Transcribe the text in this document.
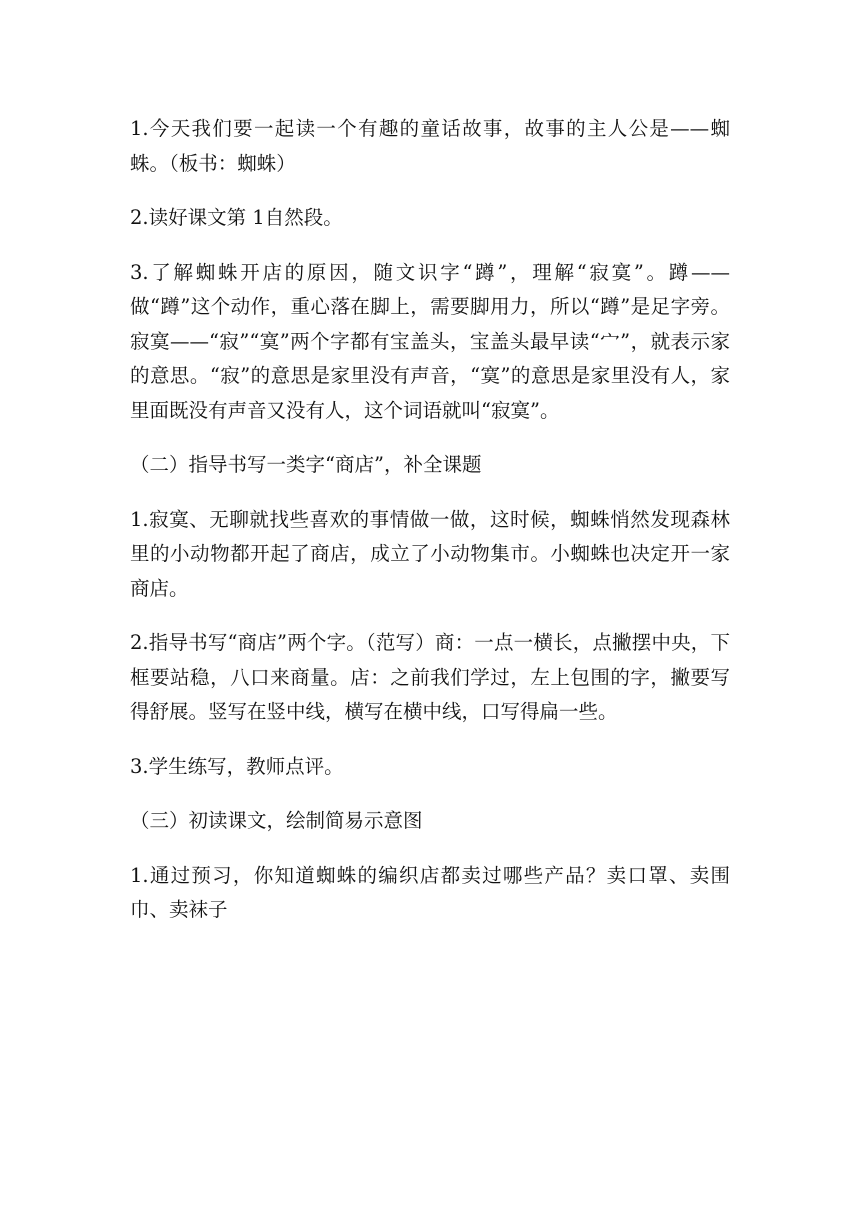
1.今天我们要一起读一个有趣的童话故事，故事的主人公是——蜘蛛。（板书：蜘蛛）

2.读好课文第 1自然段。

3.了解蜘蛛开店的原因，随文识字“蹲”，理解“寂寞”。蹲——做“蹲”这个动作，重心落在脚上，需要脚用力，所以“蹲”是足字旁。寂寞——“寂”“寞”两个字都有宝盖头，宝盖头最早读“宀”，就表示家的意思。“寂”的意思是家里没有声音，“寞”的意思是家里没有人，家里面既没有声音又没有人，这个词语就叫“寂寞”。

（二）指导书写一类字“商店”，补全课题

1.寂寞、无聊就找些喜欢的事情做一做，这时候，蜘蛛悄然发现森林里的小动物都开起了商店，成立了小动物集市。小蜘蛛也决定开一家商店。

2.指导书写“商店”两个字。（范写）商：一点一横长，点撇摆中央，下框要站稳，八口来商量。店：之前我们学过，左上包围的字，撇要写得舒展。竖写在竖中线，横写在横中线，口写得扁一些。

3.学生练写，教师点评。

（三）初读课文，绘制简易示意图

1.通过预习，你知道蜘蛛的编织店都卖过哪些产品？卖口罩、卖围巾、卖袜子
